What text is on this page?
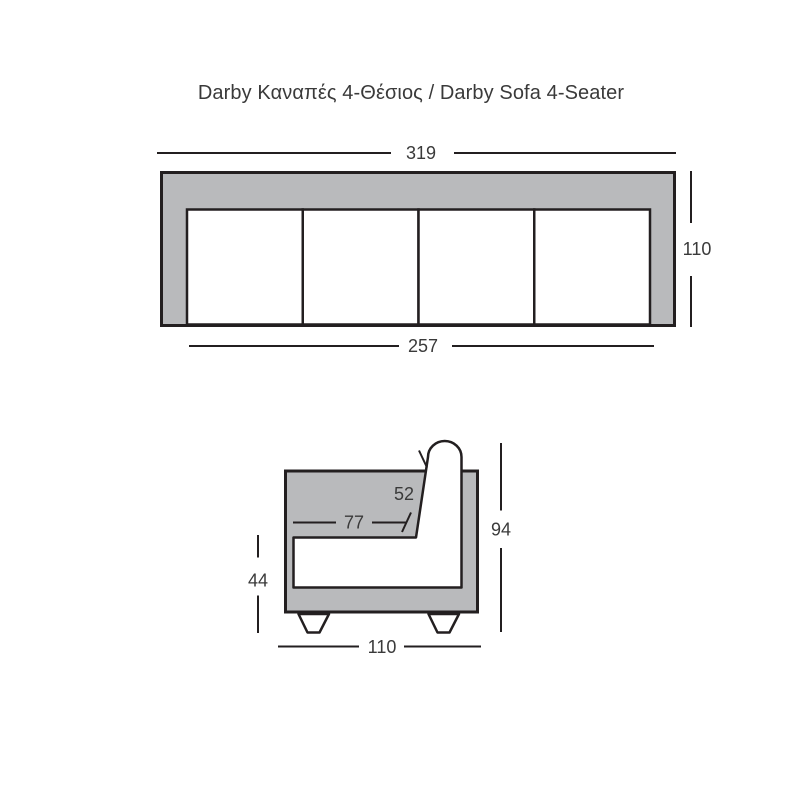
Darby Καναπές 4-Θέσιος / Darby Sofa 4-Seater
319
110
257
52
77	94
44
110
